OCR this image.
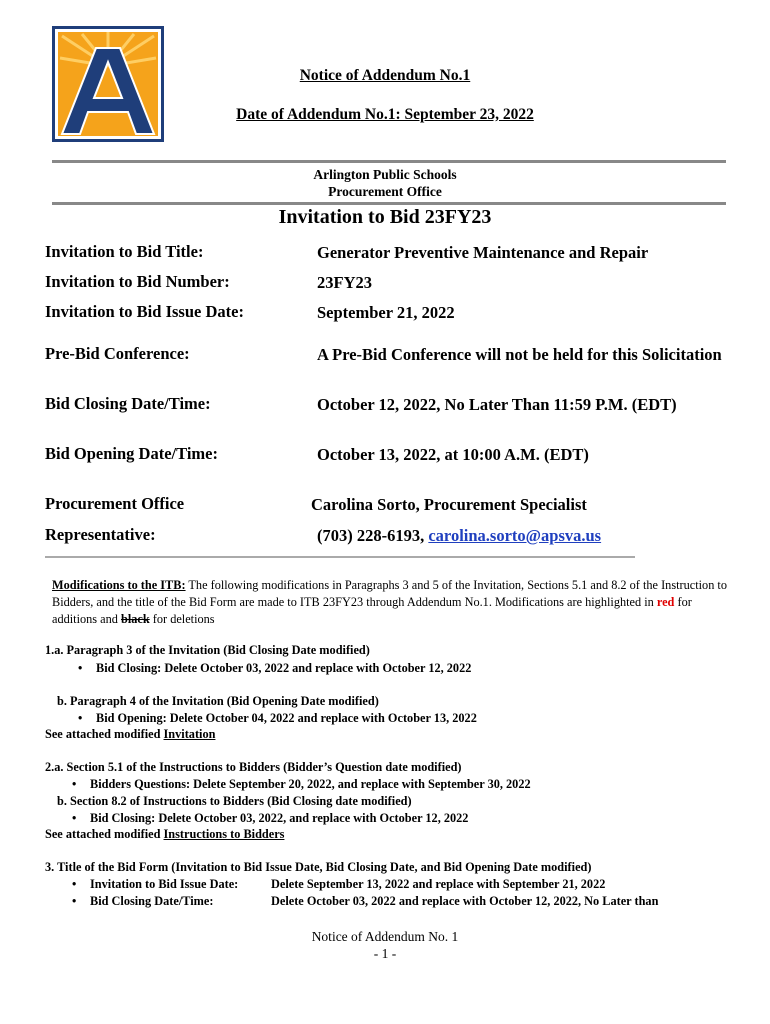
Notice of Addendum No.1
Date of Addendum No.1: September 23, 2022
Arlington Public Schools
Procurement Office
Invitation to Bid 23FY23
Invitation to Bid Title:	Generator Preventive Maintenance and Repair
Invitation to Bid Number:	23FY23
Invitation to Bid Issue Date:	September 21, 2022
Pre-Bid Conference:	A Pre-Bid Conference will not be held for this Solicitation
Bid Closing Date/Time:	October 12, 2022, No Later Than 11:59 P.M. (EDT)
Bid Opening Date/Time:	October 13, 2022, at 10:00 A.M. (EDT)
Procurement Office	Carolina Sorto, Procurement Specialist
Representative:	(703) 228-6193, carolina.sorto@apsva.us
Modifications to the ITB: The following modifications in Paragraphs 3 and 5 of the Invitation, Sections 5.1 and 8.2 of the Instruction to Bidders, and the title of the Bid Form are made to ITB 23FY23 through Addendum No.1. Modifications are highlighted in red for additions and black for deletions
1.a. Paragraph 3 of the Invitation (Bid Closing Date modified)
• Bid Closing: Delete October 03, 2022 and replace with October 12, 2022
b. Paragraph 4 of the Invitation (Bid Opening Date modified)
• Bid Opening: Delete October 04, 2022 and replace with October 13, 2022
See attached modified Invitation
2.a. Section 5.1 of the Instructions to Bidders (Bidder’s Question date modified)
• Bidders Questions: Delete September 20, 2022, and replace with September 30, 2022
b. Section 8.2 of Instructions to Bidders (Bid Closing date modified)
• Bid Closing: Delete October 03, 2022, and replace with October 12, 2022
See attached modified Instructions to Bidders
3. Title of the Bid Form (Invitation to Bid Issue Date, Bid Closing Date, and Bid Opening Date modified)
• Invitation to Bid Issue Date:	Delete September 13, 2022 and replace with September 21, 2022
• Bid Closing Date/Time:	Delete October 03, 2022 and replace with October 12, 2022, No Later than
Notice of Addendum No. 1
- 1 -
